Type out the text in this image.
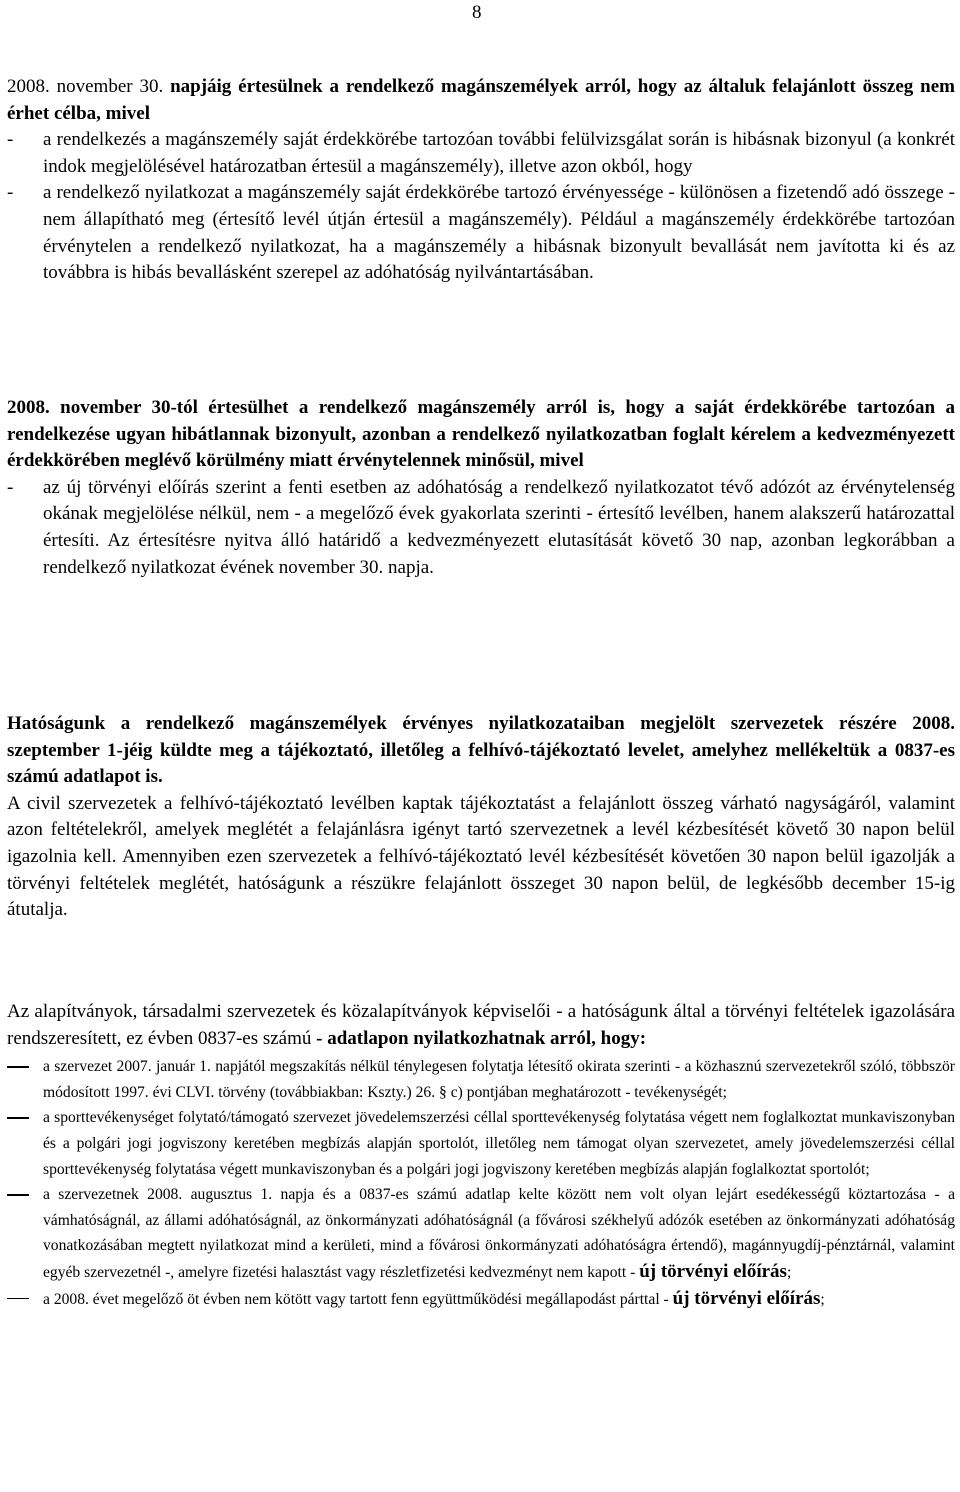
8
2008. november 30. napjáig értesülnek a rendelkező magánszemélyek arról, hogy az általuk felajánlott összeg nem érhet célba, mivel
-	a rendelkezés a magánszemély saját érdekkörébe tartozóan további felülvizsgálat során is hibásnak bizonyul (a konkrét indok megjelölésével határozatban értesül a magánszemély), illetve azon okból, hogy
-	a rendelkező nyilatkozat a magánszemély saját érdekkörébe tartozó érvényessége - különösen a fizetendő adó összege - nem állapítható meg (értesítő levél útján értesül a magánszemély). Például a magánszemély érdekkörébe tartozóan érvénytelen a rendelkező nyilatkozat, ha a magánszemély a hibásnak bizonyult bevallását nem javította ki és az továbbra is hibás bevallásként szerepel az adóhatóság nyilvántartásában.
2008. november 30-tól értesülhet a rendelkező magánszemély arról is, hogy a saját érdekkörébe tartozóan a rendelkezése ugyan hibátlannak bizonyult, azonban a rendelkező nyilatkozatban foglalt kérelem a kedvezményezett érdekkörében meglévő körülmény miatt érvénytelennek minősül, mivel
-	az új törvényi előírás szerint a fenti esetben az adóhatóság a rendelkező nyilatkozatot tévő adózót az érvénytelenség okának megjelölése nélkül, nem - a megelőző évek gyakorlata szerinti - értesítő levélben, hanem alakszerű határozattal értesíti. Az értesítésre nyitva álló határidő a kedvezményezett elutasítását követő 30 nap, azonban legkorábban a rendelkező nyilatkozat évének november 30. napja.
Hatóságunk a rendelkező magánszemélyek érvényes nyilatkozataiban megjelölt szervezetek részére 2008. szeptember 1-jéig küldte meg a tájékoztató, illetőleg a felhívó-tájékoztató levelet, amelyhez mellékeltük a 0837-es számú adatlapot is.
A civil szervezetek a felhívó-tájékoztató levélben kaptak tájékoztatást a felajánlott összeg várható nagyságáról, valamint azon feltételekről, amelyek meglétét a felajánlásra igényt tartó szervezetnek a levél kézbesítését követő 30 napon belül igazolnia kell. Amennyiben ezen szervezetek a felhívó-tájékoztató levél kézbesítését követően 30 napon belül igazolják a törvényi feltételek meglétét, hatóságunk a részükre felajánlott összeget 30 napon belül, de legkésőbb december 15-ig átutalja.
Az alapítványok, társadalmi szervezetek és közalapítványok képviselői - a hatóságunk által a törvényi feltételek igazolására rendszeresített, ez évben 0837-es számú - adatlapon nyilatkozhatnak arról, hogy:
a szervezet 2007. január 1. napjától megszakítás nélkül ténylegesen folytatja létesítő okirata szerinti - a közhasznú szervezetekről szóló, többször módosított 1997. évi CLVI. törvény (továbbiakban: Kszty.) 26. § c) pontjában meghatározott - tevékenységét;
a sporttevékenységet folytató/támogató szervezet jövedelemszerzési céllal sporttevékenység folytatása végett nem foglalkoztat munkaviszonyban és a polgári jogi jogviszony keretében megbízás alapján sportolót, illetőleg nem támogat olyan szervezetet, amely jövedelemszerzési céllal sporttevékenység folytatása végett munkaviszonyban és a polgári jogi jogviszony keretében megbízás alapján foglalkoztat sportolót;
a szervezetnek 2008. augusztus 1. napja és a 0837-es számú adatlap kelte között nem volt olyan lejárt esedékességű köztartozása - a vámhatóságnál, az állami adóhatóságnál, az önkormányzati adóhatóságnál (a fővárosi székhelyű adózók esetében az önkormányzati adóhatóság vonatkozásában megtett nyilatkozat mind a kerületi, mind a fővárosi önkormányzati adóhatóságra értendő), magánnyugdíj-pénztárnál, valamint egyéb szervezetnél -, amelyre fizetési halasztást vagy részletfizetési kedvezményt nem kapott - új törvényi előírás;
a 2008. évet megelőző öt évben nem kötött vagy tartott fenn együttműködési megállapodást párttal - új törvényi előírás;
